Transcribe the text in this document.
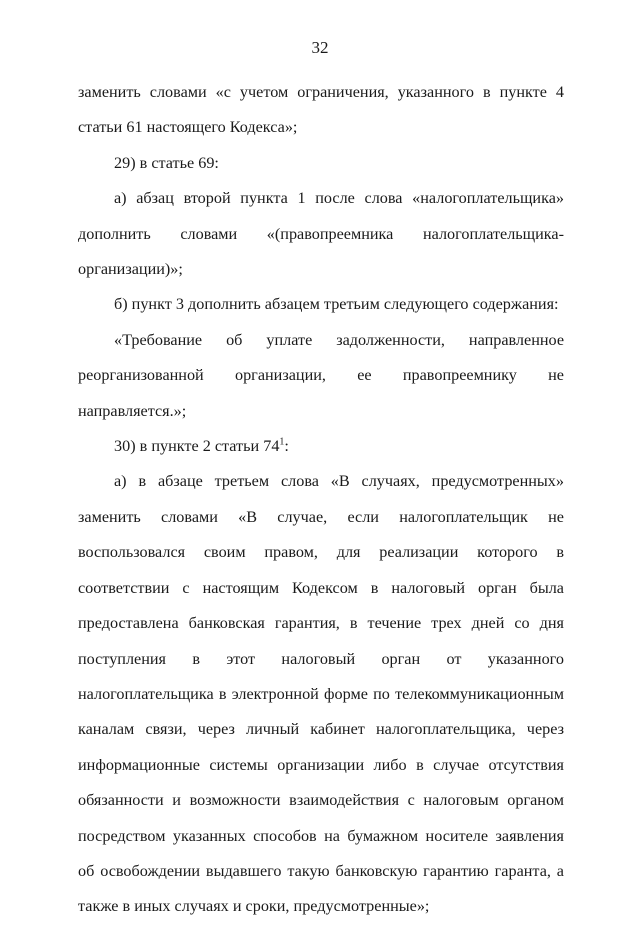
32

заменить словами «с учетом ограничения, указанного в пункте 4 статьи 61 настоящего Кодекса»;

29) в статье 69:

а) абзац второй пункта 1 после слова «налогоплательщика» дополнить словами «(правопреемника налогоплательщика-организации)»;

б) пункт 3 дополнить абзацем третьим следующего содержания:

«Требование об уплате задолженности, направленное реорганизованной организации, ее правопреемнику не направляется.»;

30) в пункте 2 статьи $74^1$:

а) в абзаце третьем слова «В случаях, предусмотренных» заменить словами «В случае, если налогоплательщик не воспользовался своим правом, для реализации которого в соответствии с настоящим Кодексом в налоговый орган была предоставлена банковская гарантия, в течение трех дней со дня поступления в этот налоговый орган от указанного налогоплательщика в электронной форме по телекоммуникационным каналам связи, через личный кабинет налогоплательщика, через информационные системы организации либо в случае отсутствия обязанности и возможности взаимодействия с налоговым органом посредством указанных способов на бумажном носителе заявления об освобождении выдавшего такую банковскую гарантию гаранта, а также в иных случаях и сроки, предусмотренные»;
